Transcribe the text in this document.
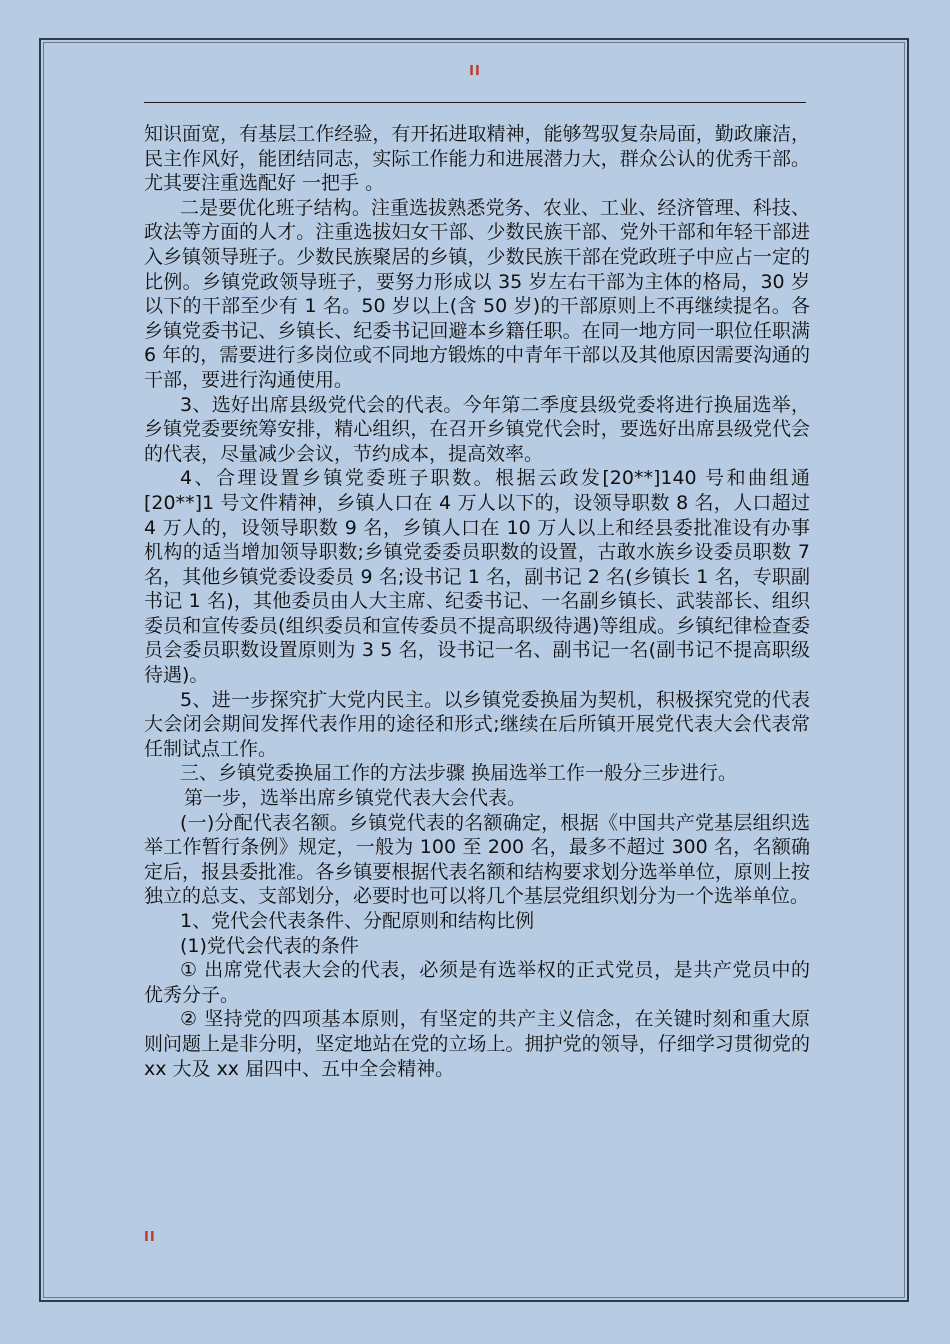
II

知识面宽，有基层工作经验，有开拓进取精神，能够驾驭复杂局面，勤政廉洁，民主作风好，能团结同志，实际工作能力和进展潜力大，群众公认的优秀干部。尤其要注重选配好 一把手 。

二是要优化班子结构。注重选拔熟悉党务、农业、工业、经济管理、科技、政法等方面的人才。注重选拔妇女干部、少数民族干部、党外干部和年轻干部进入乡镇领导班子。少数民族聚居的乡镇，少数民族干部在党政班子中应占一定的比例。乡镇党政领导班子，要努力形成以 35 岁左右干部为主体的格局，30 岁以下的干部至少有 1 名。50 岁以上(含 50 岁)的干部原则上不再继续提名。各乡镇党委书记、乡镇长、纪委书记回避本乡籍任职。在同一地方同一职位任职满 6 年的，需要进行多岗位或不同地方锻炼的中青年干部以及其他原因需要沟通的干部，要进行沟通使用。

3、选好出席县级党代会的代表。今年第二季度县级党委将进行换届选举，乡镇党委要统筹安排，精心组织，在召开乡镇党代会时，要选好出席县级党代会的代表，尽量减少会议，节约成本，提高效率。

4、合理设置乡镇党委班子职数。根据云政发[20**]140 号和曲组通[20**]1 号文件精神，乡镇人口在 4 万人以下的，设领导职数 8 名，人口超过 4 万人的，设领导职数 9 名，乡镇人口在 10 万人以上和经县委批准设有办事机构的适当增加领导职数;乡镇党委委员职数的设置，古敢水族乡设委员职数 7 名，其他乡镇党委设委员 9 名;设书记 1 名，副书记 2 名(乡镇长 1 名，专职副书记 1 名)，其他委员由人大主席、纪委书记、一名副乡镇长、武装部长、组织委员和宣传委员(组织委员和宣传委员不提高职级待遇)等组成。乡镇纪律检查委员会委员职数设置原则为 3 5 名，设书记一名、副书记一名(副书记不提高职级待遇)。

5、进一步探究扩大党内民主。以乡镇党委换届为契机，积极探究党的代表大会闭会期间发挥代表作用的途径和形式;继续在后所镇开展党代表大会代表常任制试点工作。

三、乡镇党委换届工作的方法步骤 换届选举工作一般分三步进行。

第一步，选举出席乡镇党代表大会代表。

(一)分配代表名额。乡镇党代表的名额确定，根据《中国共产党基层组织选举工作暂行条例》规定，一般为 100 至 200 名，最多不超过 300 名，名额确定后，报县委批准。各乡镇要根据代表名额和结构要求划分选举单位，原则上按独立的总支、支部划分，必要时也可以将几个基层党组织划分为一个选举单位。

1、党代会代表条件、分配原则和结构比例

(1)党代会代表的条件

① 出席党代表大会的代表，必须是有选举权的正式党员，是共产党员中的优秀分子。

② 坚持党的四项基本原则，有坚定的共产主义信念，在关键时刻和重大原则问题上是非分明，坚定地站在党的立场上。拥护党的领导，仔细学习贯彻党的 xx 大及 xx 届四中、五中全会精神。

II
